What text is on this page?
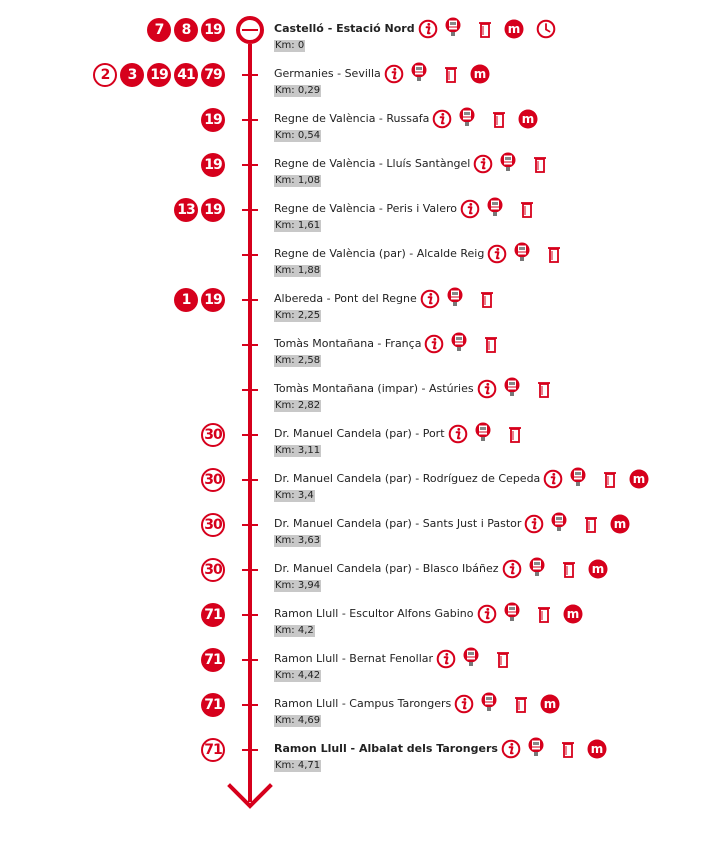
7	8 19	Castelló - Estació Nord
Km: 0
m
2	3 19 41 79	Germanies - Sevilla
Km: 0,29
m
19	Regne de València - Russafa
Km: 0,54
m
19	Regne de València - Lluís Santàngel
Km: 1,08
13 19	Regne de València - Peris i Valero
Km: 1,61
Regne de València (par) - Alcalde Reig
Km: 1,88
1 19	Albereda - Pont del Regne
Km: 2,25
Tomàs Montañana - França
Km: 2,58
Tomàs Montañana (impar) - Astúries
Km: 2,82
30	Dr. Manuel Candela (par) - Port
Km: 3,11
30	Dr. Manuel Candela (par) - Rodríguez de Cepeda
Km: 3,4
m
30	Dr. Manuel Candela (par) - Sants Just i Pastor
Km: 3,63
m
30	Dr. Manuel Candela (par) - Blasco Ibáñez
Km: 3,94
m
71	Ramon Llull - Escultor Alfons Gabino
Km: 4,2
m
71	Ramon Llull - Bernat Fenollar
Km: 4,42
71	Ramon Llull - Campus Tarongers
Km: 4,69
m
71	Ramon Llull - Albalat dels Tarongers
Km: 4,71
m
